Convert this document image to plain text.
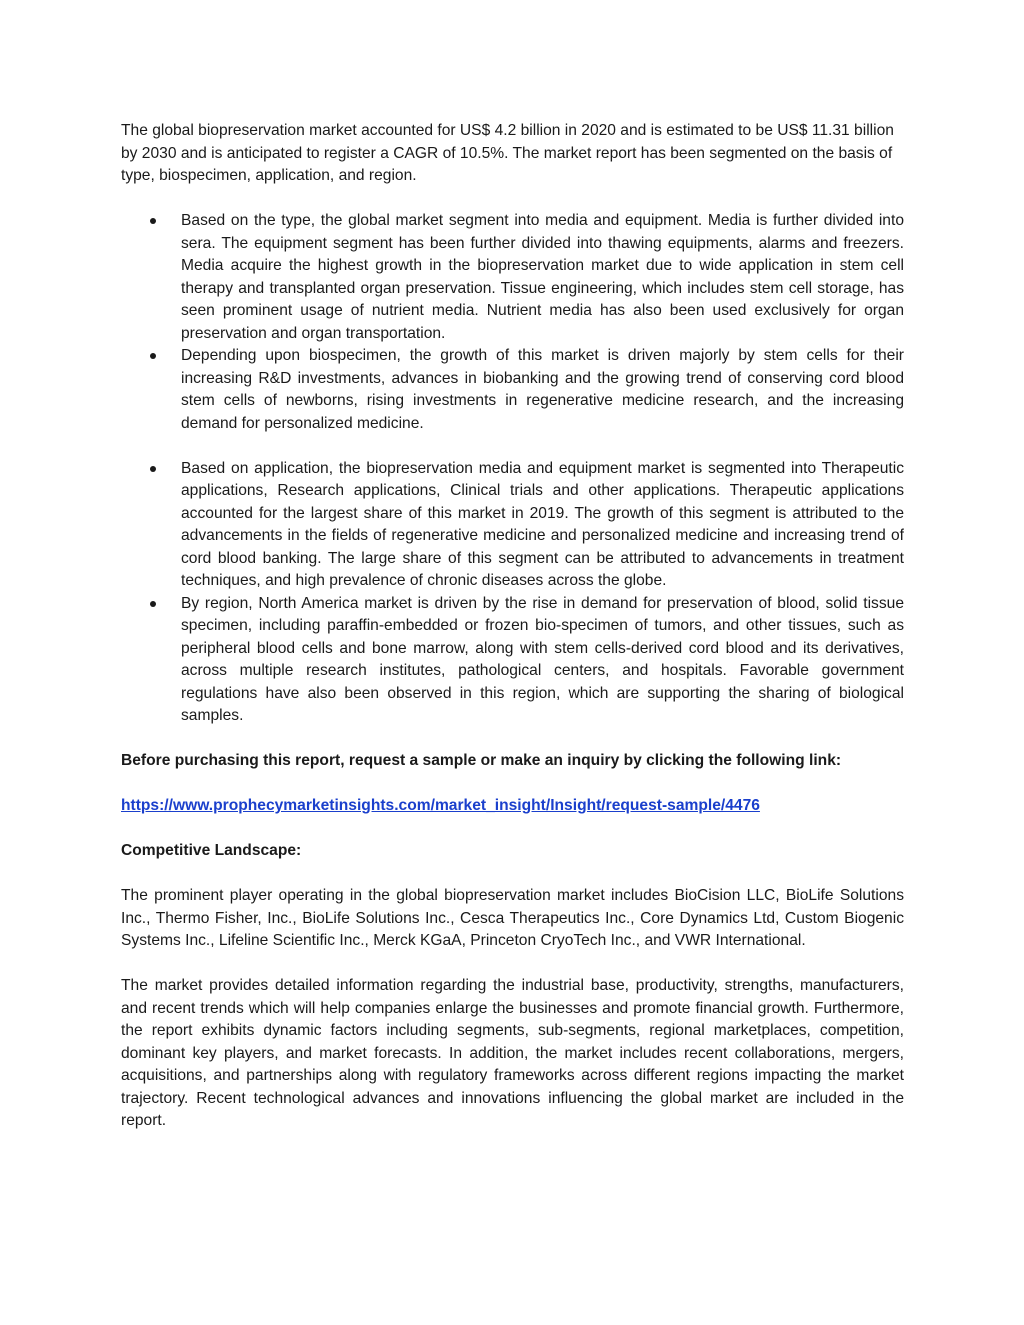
The global biopreservation market accounted for US$ 4.2 billion in 2020 and is estimated to be US$ 11.31 billion by 2030 and is anticipated to register a CAGR of 10.5%. The market report has been segmented on the basis of type, biospecimen, application, and region.

Based on the type, the global market segment into media and equipment. Media is further divided into sera. The equipment segment has been further divided into thawing equipments, alarms and freezers. Media acquire the highest growth in the biopreservation market due to wide application in stem cell therapy and transplanted organ preservation. Tissue engineering, which includes stem cell storage, has seen prominent usage of nutrient media. Nutrient media has also been used exclusively for organ preservation and organ transportation.
Depending upon biospecimen, the growth of this market is driven majorly by stem cells for their increasing R&D investments, advances in biobanking and the growing trend of conserving cord blood stem cells of newborns, rising investments in regenerative medicine research, and the increasing demand for personalized medicine.
Based on application, the biopreservation media and equipment market is segmented into Therapeutic applications, Research applications, Clinical trials and other applications. Therapeutic applications accounted for the largest share of this market in 2019. The growth of this segment is attributed to the advancements in the fields of regenerative medicine and personalized medicine and increasing trend of cord blood banking. The large share of this segment can be attributed to advancements in treatment techniques, and high prevalence of chronic diseases across the globe.
By region, North America market is driven by the rise in demand for preservation of blood, solid tissue specimen, including paraffin-embedded or frozen bio-specimen of tumors, and other tissues, such as peripheral blood cells and bone marrow, along with stem cells-derived cord blood and its derivatives, across multiple research institutes, pathological centers, and hospitals. Favorable government regulations have also been observed in this region, which are supporting the sharing of biological samples.

Before purchasing this report, request a sample or make an inquiry by clicking the following link:

https://www.prophecymarketinsights.com/market_insight/Insight/request-sample/4476

Competitive Landscape:

The prominent player operating in the global biopreservation market includes BioCision LLC, BioLife Solutions Inc., Thermo Fisher, Inc., BioLife Solutions Inc., Cesca Therapeutics Inc., Core Dynamics Ltd, Custom Biogenic Systems Inc., Lifeline Scientific Inc., Merck KGaA, Princeton CryoTech Inc., and VWR International.

The market provides detailed information regarding the industrial base, productivity, strengths, manufacturers, and recent trends which will help companies enlarge the businesses and promote financial growth. Furthermore, the report exhibits dynamic factors including segments, sub-segments, regional marketplaces, competition, dominant key players, and market forecasts. In addition, the market includes recent collaborations, mergers, acquisitions, and partnerships along with regulatory frameworks across different regions impacting the market trajectory. Recent technological advances and innovations influencing the global market are included in the report.
